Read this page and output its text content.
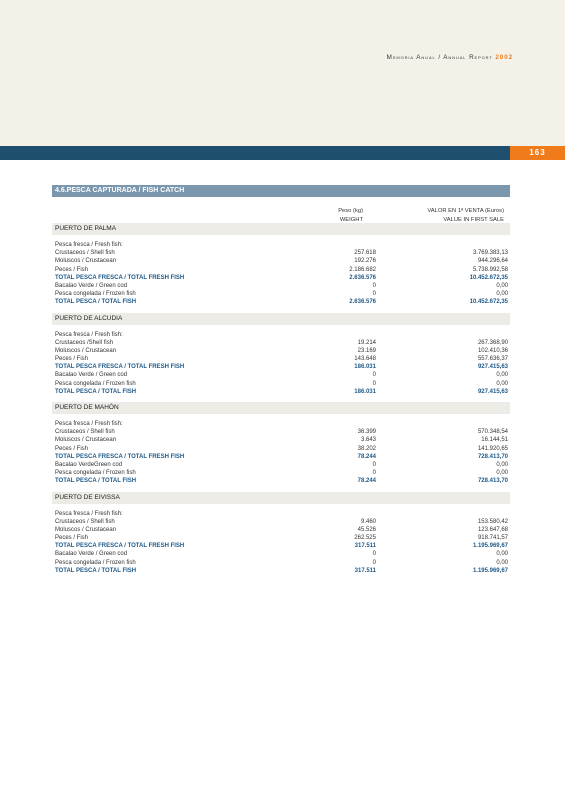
Memoria Anual / Annual Report 2002
163
4.6.PESCA CAPTURADA / FISH CATCH
Peso (kg)
WEIGHT
VALOR EN 1ª VENTA (Euros)
VALUE IN FIRST SALE
PUERTO DE PALMA
Pesca fresca / Fresh fish:
Crustaceos / Shell fish	257.618	3.769.383,13
Moluscos / Crustacean	192.276	944.296,64
Peces / Fish	2.186.682	5.738.992,58
TOTAL PESCA FRESCA / TOTAL FRESH FISH	2.636.576	10.452.672,35
Bacalao Verde / Green cod	0	0,00
Pesca congelada / Frozen fish	0	0,00
TOTAL PESCA / TOTAL FISH	2.636.576	10.452.672,35
PUERTO DE ALCUDIA
Pesca fresca / Fresh fish:
Crustaceos /Shell fish	19.214	267.368,90
Moluscos / Crustacean	23.169	102.410,36
Peces / Fish	143.648	557.636,37
TOTAL PESCA FRESCA / TOTAL FRESH FISH	186.031	927.415,63
Bacalao Verde / Green cod	0	0,00
Pesca congelada / Frozen fish	0	0,00
TOTAL PESCA / TOTAL FISH	186.031	927.415,63
PUERTO DE MAHÓN
Pesca fresca / Fresh fish:
Crustaceos / Shell fish	36.399	570.348,54
Moluscos / Crustacean	3.643	16.144,51
Peces / Fish	38.202	141.920,65
TOTAL PESCA FRESCA / TOTAL FRESH FISH	78.244	728.413,70
Bacalao VerdeGreen cod	0	0,00
Pesca congelada / Frozen fish	0	0,00
TOTAL PESCA / TOTAL FISH	78.244	728.413,70
PUERTO DE EIVISSA
Pesca fresca / Fresh fish:
Crustaceos / Shell fish	9.460	153.580,42
Moluscos / Crustacean	45.526	123.647,68
Peces / Fish	262.525	918.741,57
TOTAL PESCA FRESCA / TOTAL FRESH FISH	317.511	1.195.969,67
Bacalao Verde / Green cod	0	0,00
Pesca congelada / Frozen fish	0	0,00
TOTAL PESCA / TOTAL FISH	317.511	1.195.969,67
